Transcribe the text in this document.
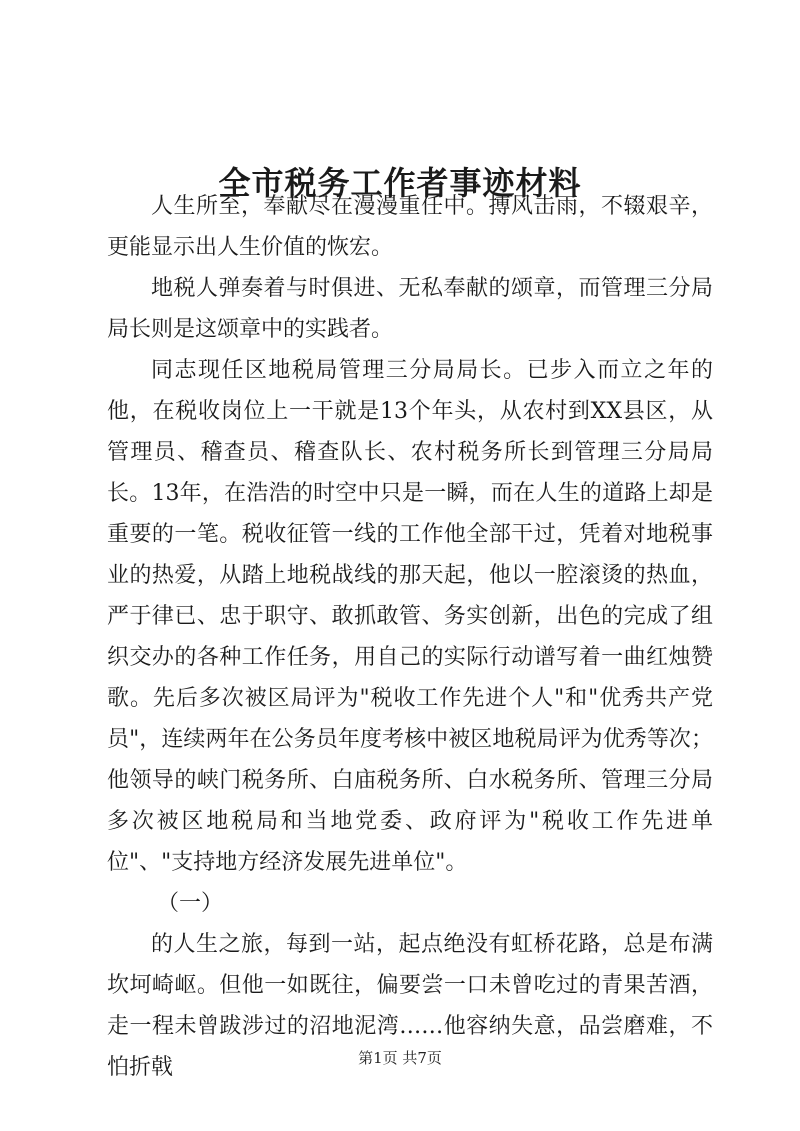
全市税务工作者事迹材料

人生所至，奉献尽在漫漫重任中。搏风击雨，不辍艰辛，更能显示出人生价值的恢宏。

地税人弹奏着与时俱进、无私奉献的颂章，而管理三分局局长则是这颂章中的实践者。

同志现任区地税局管理三分局局长。已步入而立之年的他，在税收岗位上一干就是13个年头，从农村到XX县区，从管理员、稽查员、稽查队长、农村税务所长到管理三分局局长。13年，在浩浩的时空中只是一瞬，而在人生的道路上却是重要的一笔。税收征管一线的工作他全部干过，凭着对地税事业的热爱，从踏上地税战线的那天起，他以一腔滚烫的热血，严于律已、忠于职守、敢抓敢管、务实创新，出色的完成了组织交办的各种工作任务，用自己的实际行动谱写着一曲红烛赞歌。先后多次被区局评为"税收工作先进个人"和"优秀共产党员"，连续两年在公务员年度考核中被区地税局评为优秀等次；他领导的峡门税务所、白庙税务所、白水税务所、管理三分局多次被区地税局和当地党委、政府评为"税收工作先进单位"、"支持地方经济发展先进单位"。

（一）

的人生之旅，每到一站，起点绝没有虹桥花路，总是布满坎坷崎岖。但他一如既往，偏要尝一口未曾吃过的青果苦酒，走一程未曾跋涉过的沼地泥湾……他容纳失意，品尝磨难，不怕折戟	第1页 共7页
